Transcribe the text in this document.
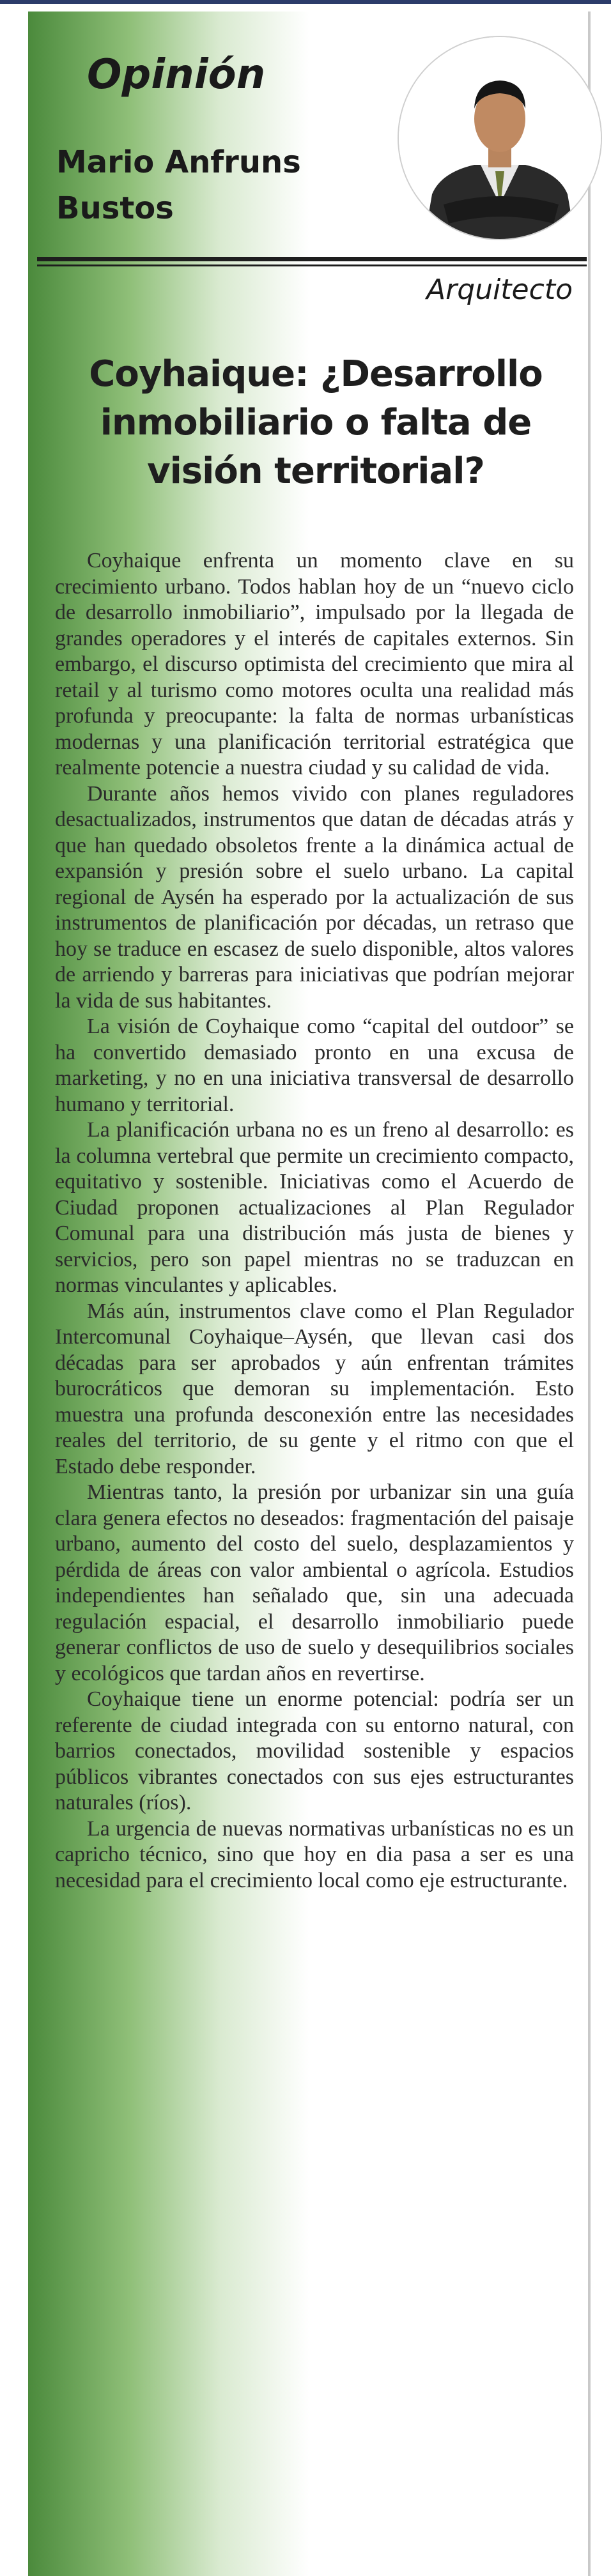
Opinión
Mario Anfruns Bustos
Arquitecto
Coyhaique: ¿Desarrollo inmobiliario o falta de visión territorial?

Coyhaique enfrenta un momento clave en su crecimiento urbano. Todos hablan hoy de un “nuevo ciclo de desarrollo inmobiliario”, impulsado por la llegada de grandes operadores y el interés de capitales externos. Sin embargo, el discurso optimista del crecimiento que mira al retail y al turismo como motores oculta una realidad más profunda y preocupante: la falta de normas urbanísticas modernas y una planificación territorial estratégica que realmente potencie a nuestra ciudad y su calidad de vida.

Durante años hemos vivido con planes reguladores desactualizados, instrumentos que datan de décadas atrás y que han quedado obsoletos frente a la dinámica actual de expansión y presión sobre el suelo urbano. La capital regional de Aysén ha esperado por la actualización de sus instrumentos de planificación por décadas, un retraso que hoy se traduce en escasez de suelo disponible, altos valores de arriendo y barreras para iniciativas que podrían mejorar la vida de sus habitantes.

La visión de Coyhaique como “capital del outdoor” se ha convertido demasiado pronto en una excusa de marketing, y no en una iniciativa transversal de desarrollo humano y territorial.

La planificación urbana no es un freno al desarrollo: es la columna vertebral que permite un crecimiento compacto, equitativo y sostenible. Iniciativas como el Acuerdo de Ciudad proponen actualizaciones al Plan Regulador Comunal para una distribución más justa de bienes y servicios, pero son papel mientras no se traduzcan en normas vinculantes y aplicables.

Más aún, instrumentos clave como el Plan Regulador Intercomunal Coyhaique–Aysén, que llevan casi dos décadas para ser aprobados y aún enfrentan trámites burocráticos que demoran su implementación. Esto muestra una profunda desconexión entre las necesidades reales del territorio, de su gente y el ritmo con que el Estado debe responder.

Mientras tanto, la presión por urbanizar sin una guía clara genera efectos no deseados: fragmentación del paisaje urbano, aumento del costo del suelo, desplazamientos y pérdida de áreas con valor ambiental o agrícola. Estudios independientes han señalado que, sin una adecuada regulación espacial, el desarrollo inmobiliario puede generar conflictos de uso de suelo y desequilibrios sociales y ecológicos que tardan años en revertirse.

Coyhaique tiene un enorme potencial: podría ser un referente de ciudad integrada con su entorno natural, con barrios conectados, movilidad sostenible y espacios públicos vibrantes conectados con sus ejes estructurantes naturales (ríos).

La urgencia de nuevas normativas urbanísticas no es un capricho técnico, sino que hoy en dia pasa a ser es una necesidad para el crecimiento local como eje estructurante.
